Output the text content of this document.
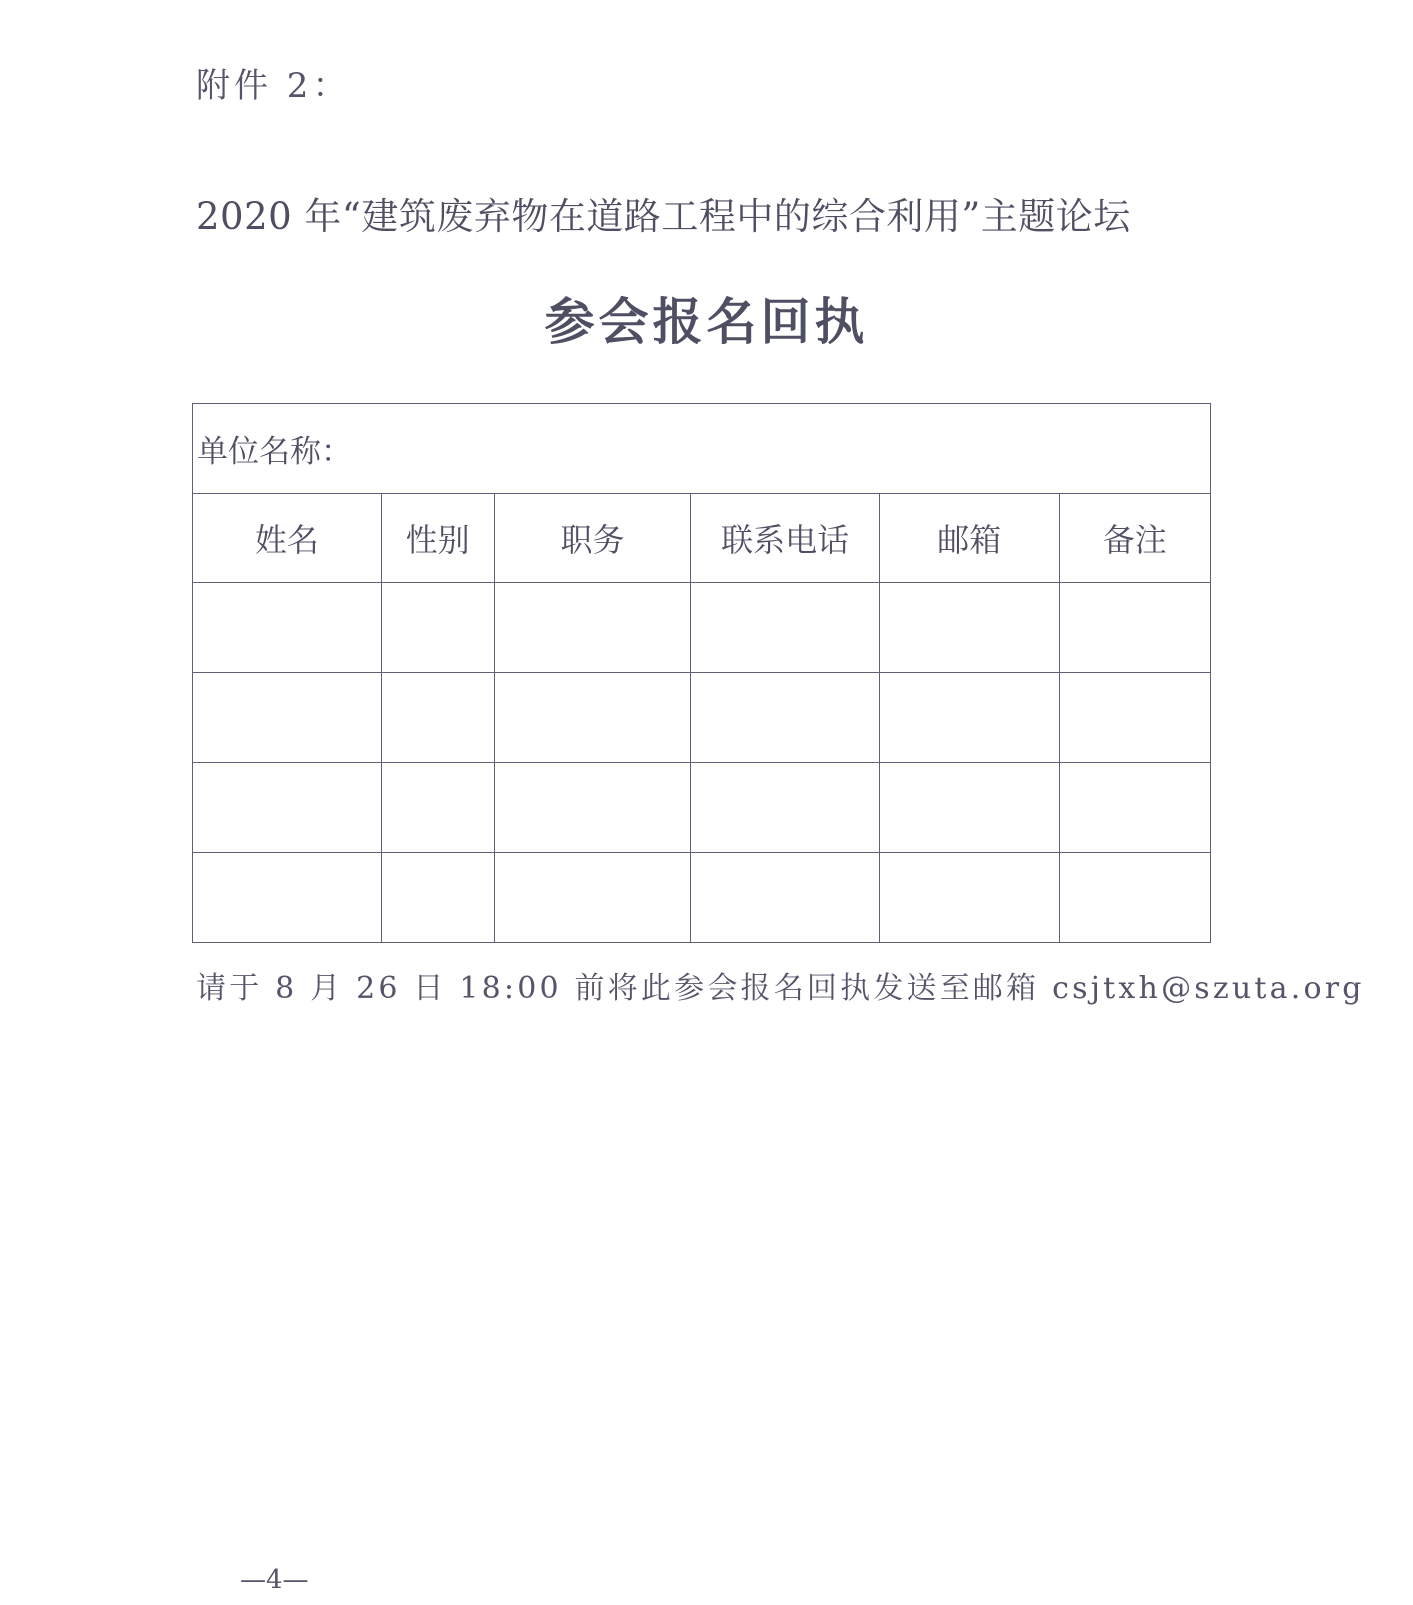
附件 2：
2020 年“建筑废弃物在道路工程中的综合利用”主题论坛
参会报名回执
单位名称：					
姓名	性别	职务	联系电话	邮箱	备注

请于 8 月 26 日 18:00 前将此参会报名回执发送至邮箱 csjtxh@szuta.org
—4—
